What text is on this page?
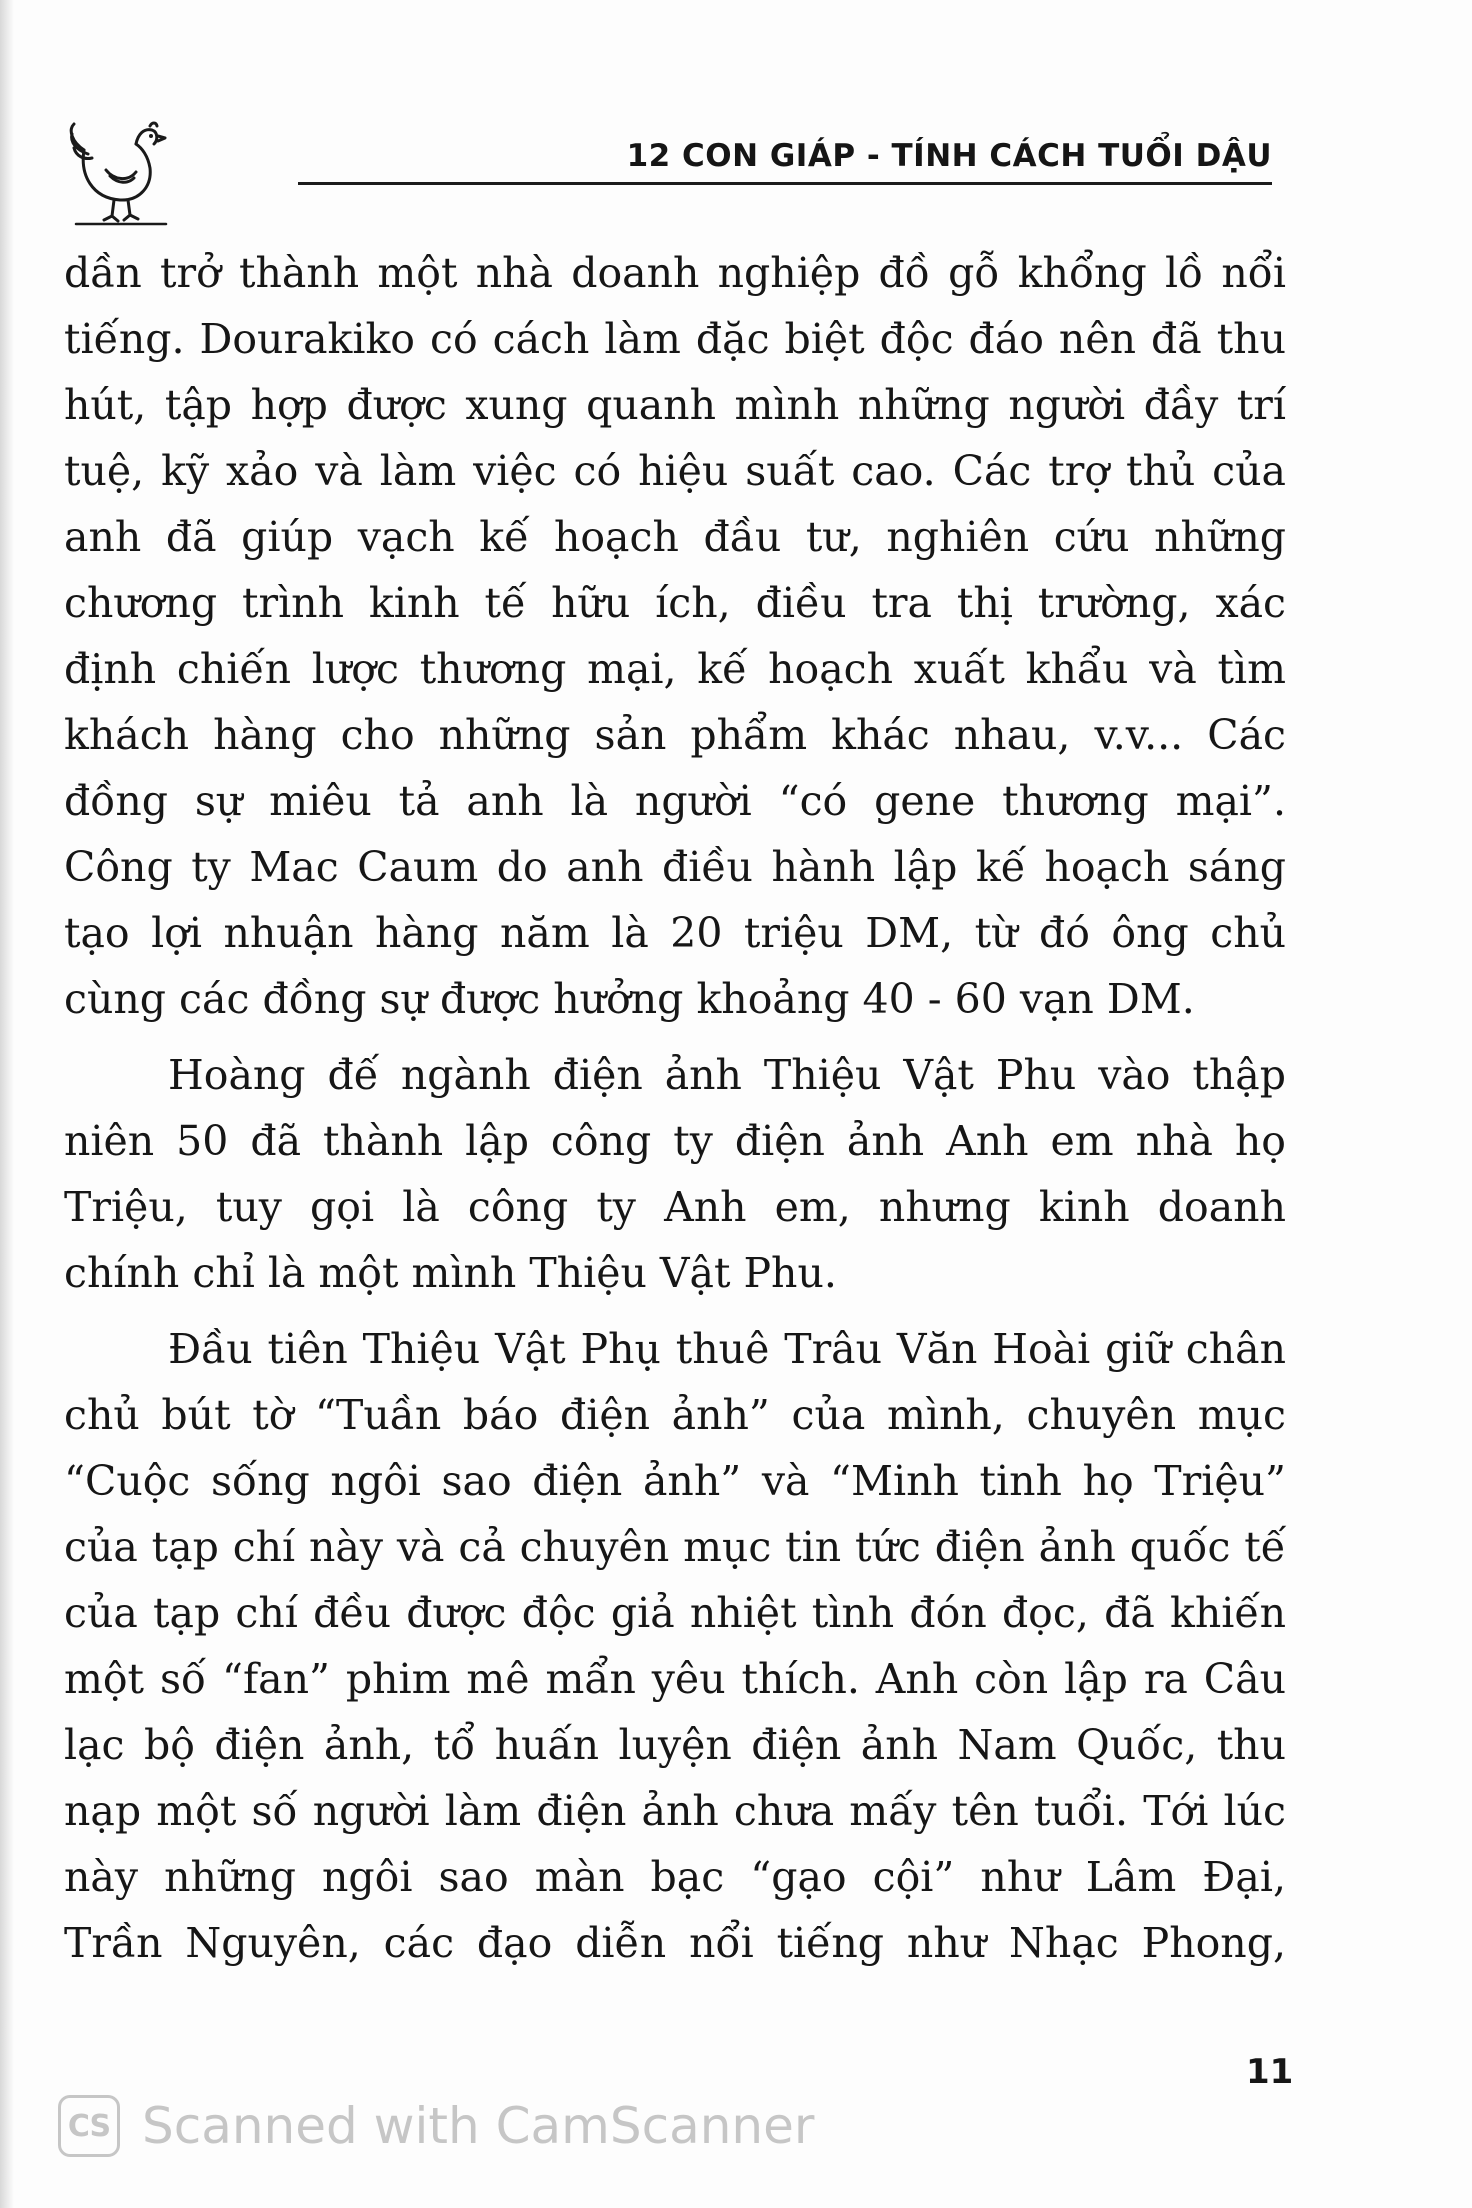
12 CON GIÁP - TÍNH CÁCH TUỔI DẬU
dần trở thành một nhà doanh nghiệp đồ gỗ khổng lồ nổi
tiếng. Dourakiko có cách làm đặc biệt độc đáo nên đã thu
hút, tập hợp được xung quanh mình những người đầy trí
tuệ, kỹ xảo và làm việc có hiệu suất cao. Các trợ thủ của
anh đã giúp vạch kế hoạch đầu tư, nghiên cứu những
chương trình kinh tế hữu ích, điều tra thị trường, xác
định chiến lược thương mại, kế hoạch xuất khẩu và tìm
khách hàng cho những sản phẩm khác nhau, v.v... Các
đồng sự miêu tả anh là người “có gene thương mại”.
Công ty Mac Caum do anh điều hành lập kế hoạch sáng
tạo lợi nhuận hàng năm là 20 triệu DM, từ đó ông chủ
cùng các đồng sự được hưởng khoảng 40 - 60 vạn DM.
Hoàng đế ngành điện ảnh Thiệu Vật Phu vào thập
niên 50 đã thành lập công ty điện ảnh Anh em nhà họ
Triệu, tuy gọi là công ty Anh em, nhưng kinh doanh
chính chỉ là một mình Thiệu Vật Phu.
Đầu tiên Thiệu Vật Phụ thuê Trâu Văn Hoài giữ chân
chủ bút tờ “Tuần báo điện ảnh” của mình, chuyên mục
“Cuộc sống ngôi sao điện ảnh” và “Minh tinh họ Triệu”
của tạp chí này và cả chuyên mục tin tức điện ảnh quốc tế
của tạp chí đều được độc giả nhiệt tình đón đọc, đã khiến
một số “fan” phim mê mẩn yêu thích. Anh còn lập ra Câu
lạc bộ điện ảnh, tổ huấn luyện điện ảnh Nam Quốc, thu
nạp một số người làm điện ảnh chưa mấy tên tuổi. Tới lúc
này những ngôi sao màn bạc “gạo cội” như Lâm Đại,
Trần Nguyên, các đạo diễn nổi tiếng như Nhạc Phong,
11
CS Scanned with CamScanner
